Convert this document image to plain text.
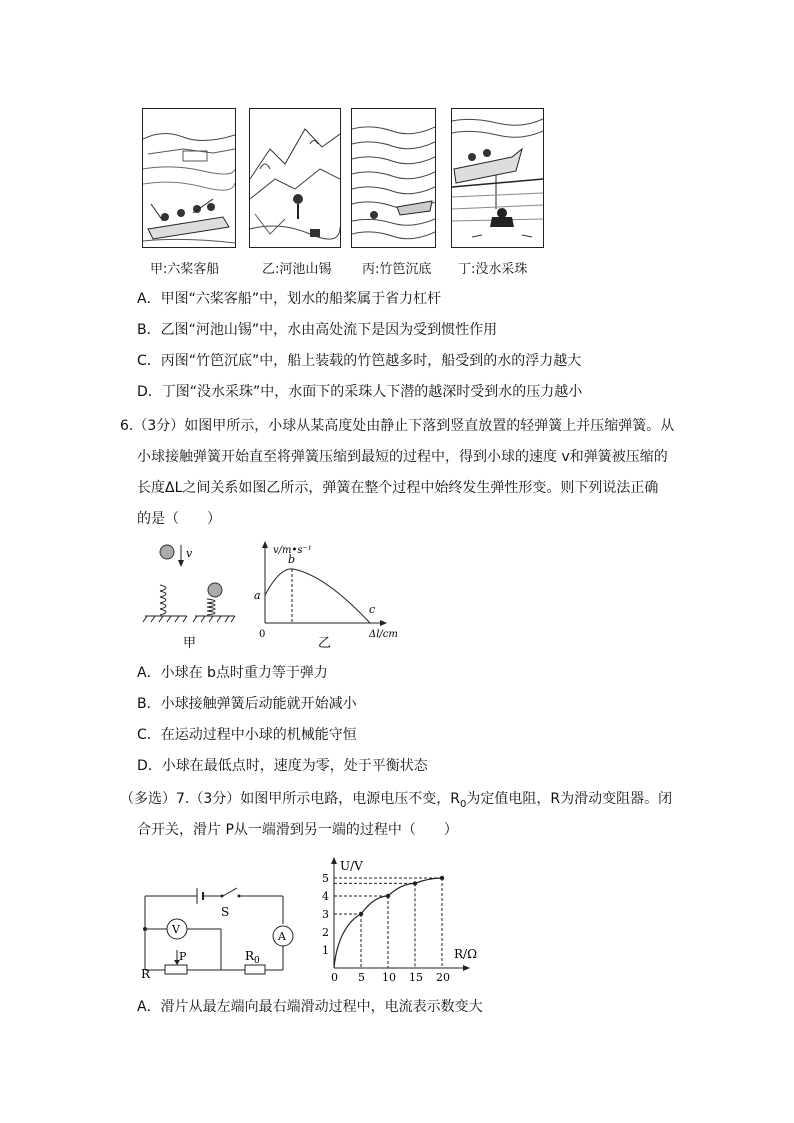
甲:六桨客船	乙:河池山锡 丙:竹笆沉底 丁:没水采珠
A．甲图“六桨客船”中，划水的船桨属于省力杠杆
B．乙图“河池山锡”中，水由高处流下是因为受到惯性作用
C．丙图“竹笆沉底”中，船上装载的竹笆越多时，船受到的水的浮力越大
D．丁图“没水采珠”中，水面下的采珠人下潜的越深时受到水的压力越小
6.（3分）如图甲所示，小球从某高度处由静止下落到竖直放置的轻弹簧上并压缩弹簧。从
小球接触弹簧开始直至将弹簧压缩到最短的过程中，得到小球的速度 v和弹簧被压缩的
长度ΔL之间关系如图乙所示，弹簧在整个过程中始终发生弹性形变。则下列说法正确
的是（　　）
v
甲
v/m•s⁻¹
Δl/cm
0
a
b
c
乙
A．小球在 b点时重力等于弹力
B．小球接触弹簧后动能就开始减小
C．在运动过程中小球的机械能守恒
D．小球在最低点时，速度为零，处于平衡状态
（多选）7.（3分）如图甲所示电路，电源电压不变，$R_0$为定值电阻，R为滑动变阻器。闭
合开关，滑片 P从一端滑到另一端的过程中（　　）
S
A
V
P
R
$R_0$
U/V
R/Ω
0 5 10 15 20
1
2
3
4
5
A．滑片从最左端向最右端滑动过程中，电流表示数变大
